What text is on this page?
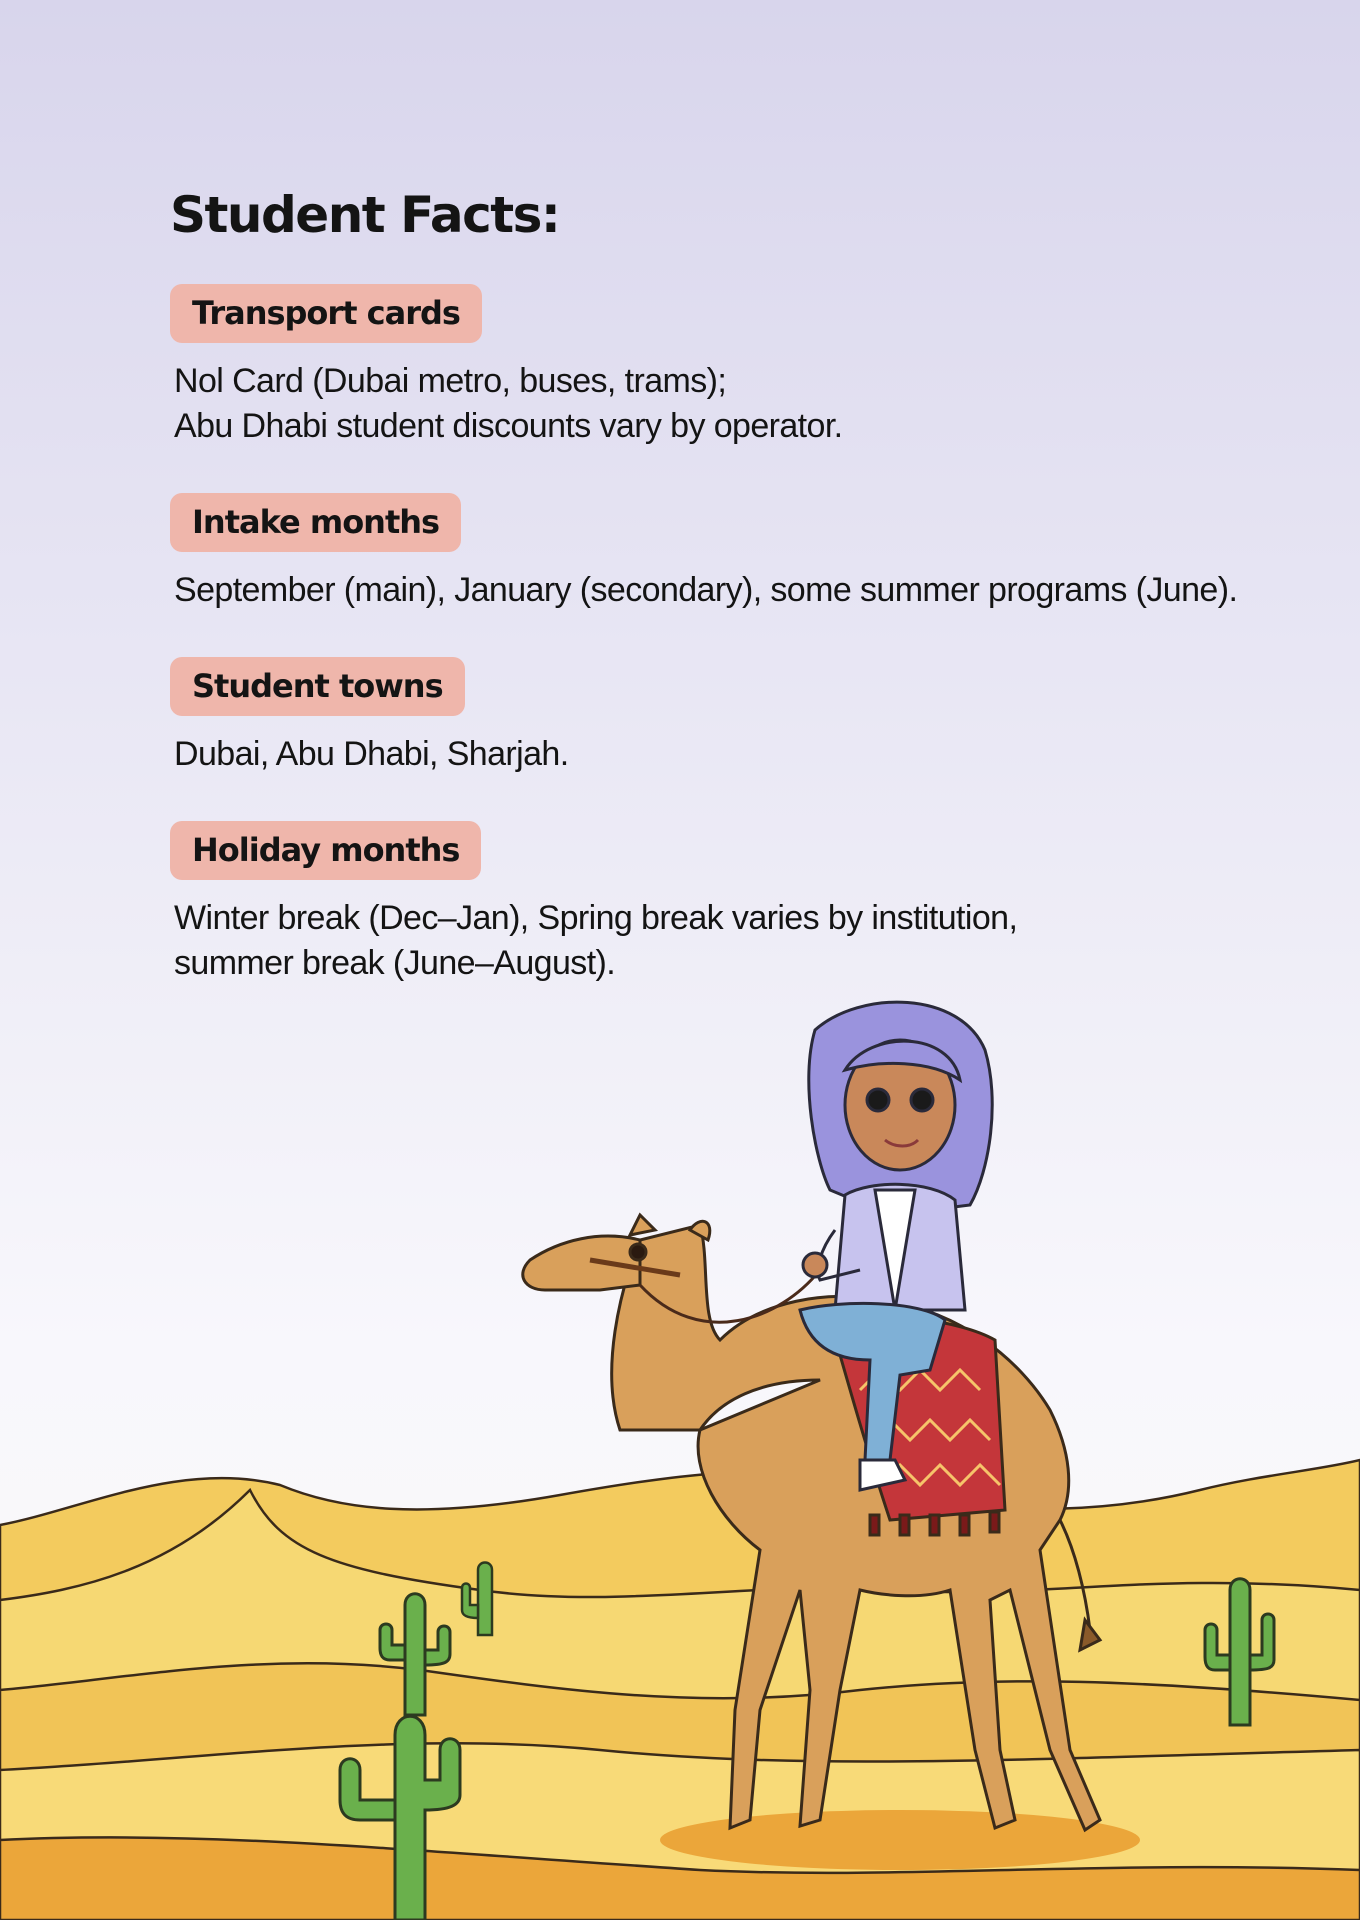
Student Facts:
Transport cards
Nol Card (Dubai metro, buses, trams);
Abu Dhabi student discounts vary by operator.
Intake months
September (main), January (secondary), some summer programs (June).
Student towns
Dubai, Abu Dhabi, Sharjah.
Holiday months
Winter break (Dec–Jan), Spring break varies by institution,
summer break (June–August).
